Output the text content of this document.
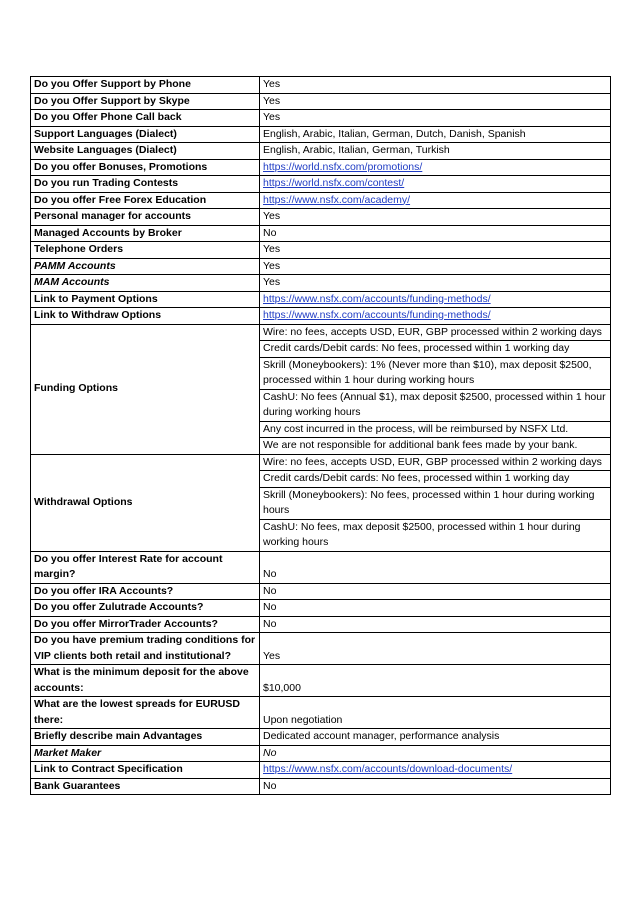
Do you Offer Support by Phone	Yes
Do you Offer Support by Skype	Yes
Do you Offer Phone Call back	Yes
Support Languages (Dialect)	English, Arabic, Italian, German, Dutch, Danish, Spanish
Website Languages (Dialect)	English, Arabic, Italian, German, Turkish
Do you offer Bonuses, Promotions	https://world.nsfx.com/promotions/
Do you run Trading Contests	https://world.nsfx.com/contest/
Do you offer Free Forex Education	https://www.nsfx.com/academy/
Personal manager for accounts	Yes
Managed Accounts by Broker	No
Telephone Orders	Yes
PAMM Accounts	Yes
MAM Accounts	Yes
Link to Payment Options	https://www.nsfx.com/accounts/funding-methods/
Link to Withdraw Options	https://www.nsfx.com/accounts/funding-methods/
Funding Options	Wire: no fees, accepts USD, EUR, GBP processed within 2 working days
	Credit cards/Debit cards: No fees, processed within 1 working day
	Skrill (Moneybookers): 1% (Never more than $10), max deposit $2500, processed within 1 hour during working hours
	CashU: No fees (Annual $1), max deposit $2500, processed within 1 hour during working hours
	Any cost incurred in the process, will be reimbursed by NSFX Ltd.
	We are not responsible for additional bank fees made by your bank.
Withdrawal Options	Wire: no fees, accepts USD, EUR, GBP processed within 2 working days
	Credit cards/Debit cards: No fees, processed within 1 working day
	Skrill (Moneybookers): No fees, processed within 1 hour during working hours
	CashU: No fees, max deposit $2500, processed within 1 hour during working hours
Do you offer Interest Rate for account margin?	No
Do you offer IRA Accounts?	No
Do you offer Zulutrade Accounts?	No
Do you offer MirrorTrader Accounts?	No
Do you have premium trading conditions for VIP clients both retail and institutional?	Yes
What is the minimum deposit for the above accounts:	$10,000
What are the lowest spreads for EURUSD there:	Upon negotiation
Briefly describe main Advantages	Dedicated account manager, performance analysis
Market Maker	No
Link to Contract Specification	https://www.nsfx.com/accounts/download-documents/
Bank Guarantees	No
